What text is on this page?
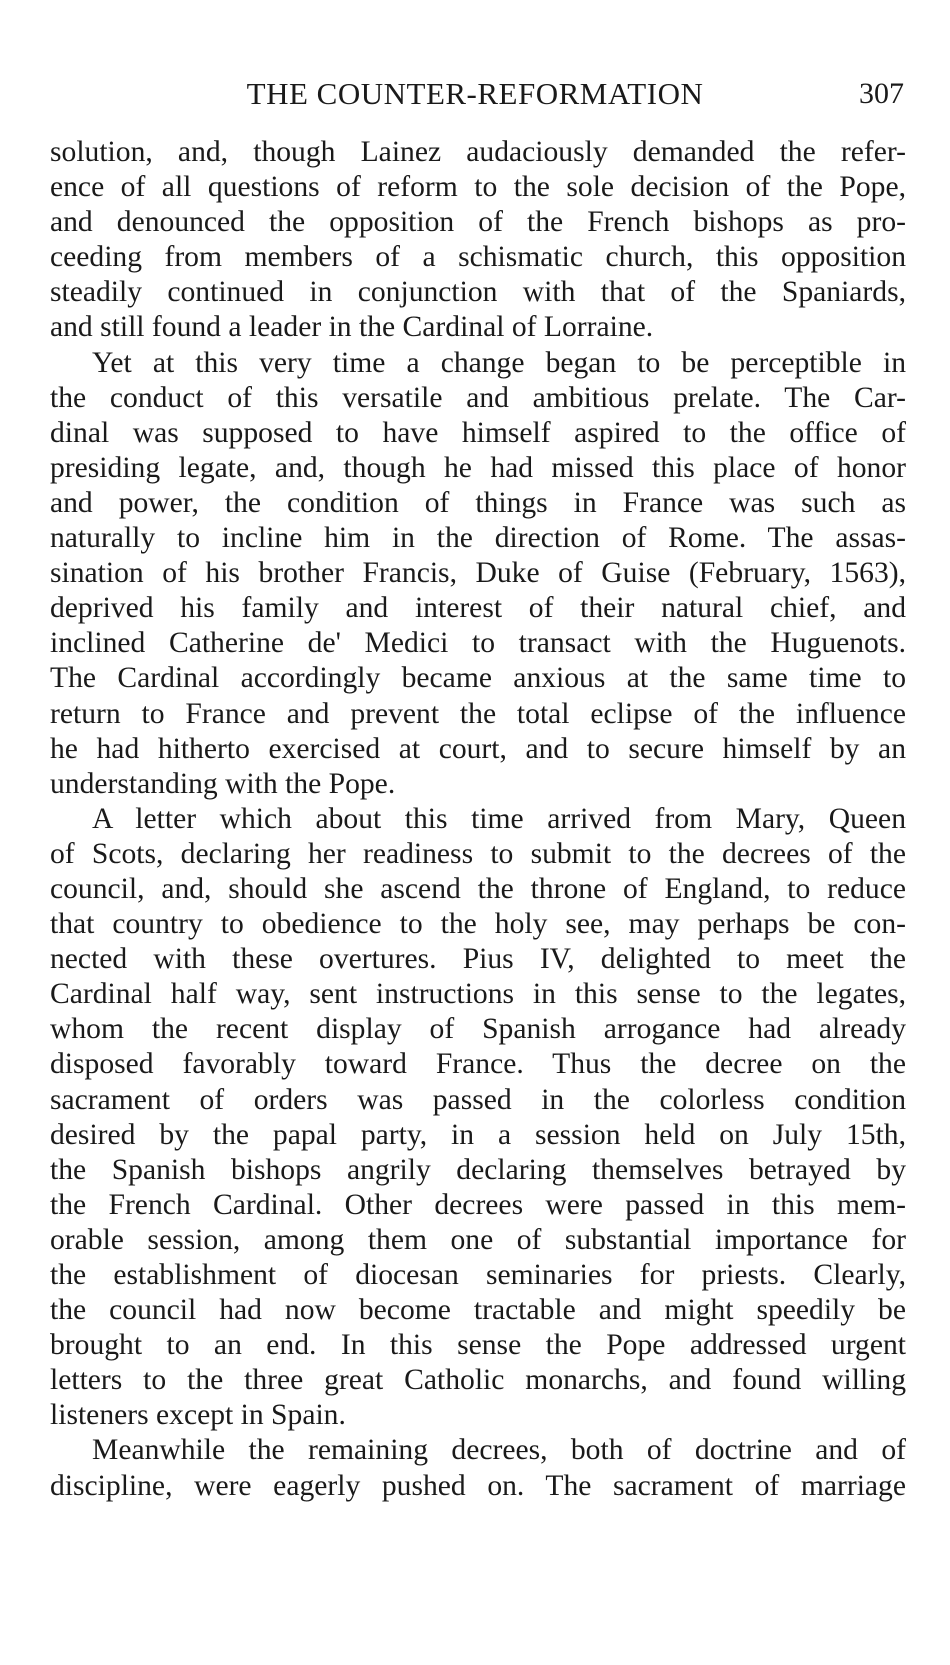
THE COUNTER-REFORMATION	307

solution, and, though Lainez audaciously demanded the refer-
ence of all questions of reform to the sole decision of the Pope,
and denounced the opposition of the French bishops as pro-
ceeding from members of a schismatic church, this opposition
steadily continued in conjunction with that of the Spaniards,
and still found a leader in the Cardinal of Lorraine.

Yet at this very time a change began to be perceptible in
the conduct of this versatile and ambitious prelate. The Car-
dinal was supposed to have himself aspired to the office of
presiding legate, and, though he had missed this place of honor
and power, the condition of things in France was such as
naturally to incline him in the direction of Rome. The assas-
sination of his brother Francis, Duke of Guise (February, 1563),
deprived his family and interest of their natural chief, and
inclined Catherine de' Medici to transact with the Huguenots.
The Cardinal accordingly became anxious at the same time to
return to France and prevent the total eclipse of the influence
he had hitherto exercised at court, and to secure himself by an
understanding with the Pope.

A letter which about this time arrived from Mary, Queen
of Scots, declaring her readiness to submit to the decrees of the
council, and, should she ascend the throne of England, to reduce
that country to obedience to the holy see, may perhaps be con-
nected with these overtures. Pius IV, delighted to meet the
Cardinal half way, sent instructions in this sense to the legates,
whom the recent display of Spanish arrogance had already
disposed favorably toward France. Thus the decree on the
sacrament of orders was passed in the colorless condition
desired by the papal party, in a session held on July 15th,
the Spanish bishops angrily declaring themselves betrayed by
the French Cardinal. Other decrees were passed in this mem-
orable session, among them one of substantial importance for
the establishment of diocesan seminaries for priests. Clearly,
the council had now become tractable and might speedily be
brought to an end. In this sense the Pope addressed urgent
letters to the three great Catholic monarchs, and found willing
listeners except in Spain.

Meanwhile the remaining decrees, both of doctrine and of
discipline, were eagerly pushed on. The sacrament of marriage
